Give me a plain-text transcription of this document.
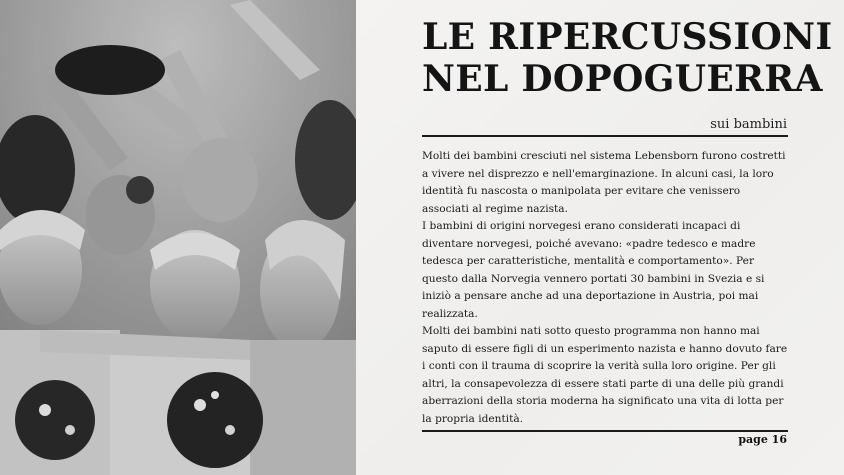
LE RIPERCUSSIONI
NEL DOPOGUERRA
sui bambini

Molti dei bambini cresciuti nel sistema Lebensborn furono costretti a vivere nel disprezzo e nell'emarginazione. In alcuni casi, la loro identità fu nascosta o manipolata per evitare che venissero associati al regime nazista.

I bambini di origini norvegesi erano considerati incapaci di diventare norvegesi, poiché avevano: «padre tedesco e madre tedesca per caratteristiche, mentalità e comportamento». Per questo dalla Norvegia vennero portati 30 bambini in Svezia e si iniziò a pensare anche ad una deportazione in Austria, poi mai realizzata.

Molti dei bambini nati sotto questo programma non hanno mai saputo di essere figli di un esperimento nazista e hanno dovuto fare i conti con il trauma di scoprire la verità sulla loro origine. Per gli altri, la consapevolezza di essere stati parte di una delle più grandi aberrazioni della storia moderna ha significato una vita di lotta per la propria identità.

page 16
